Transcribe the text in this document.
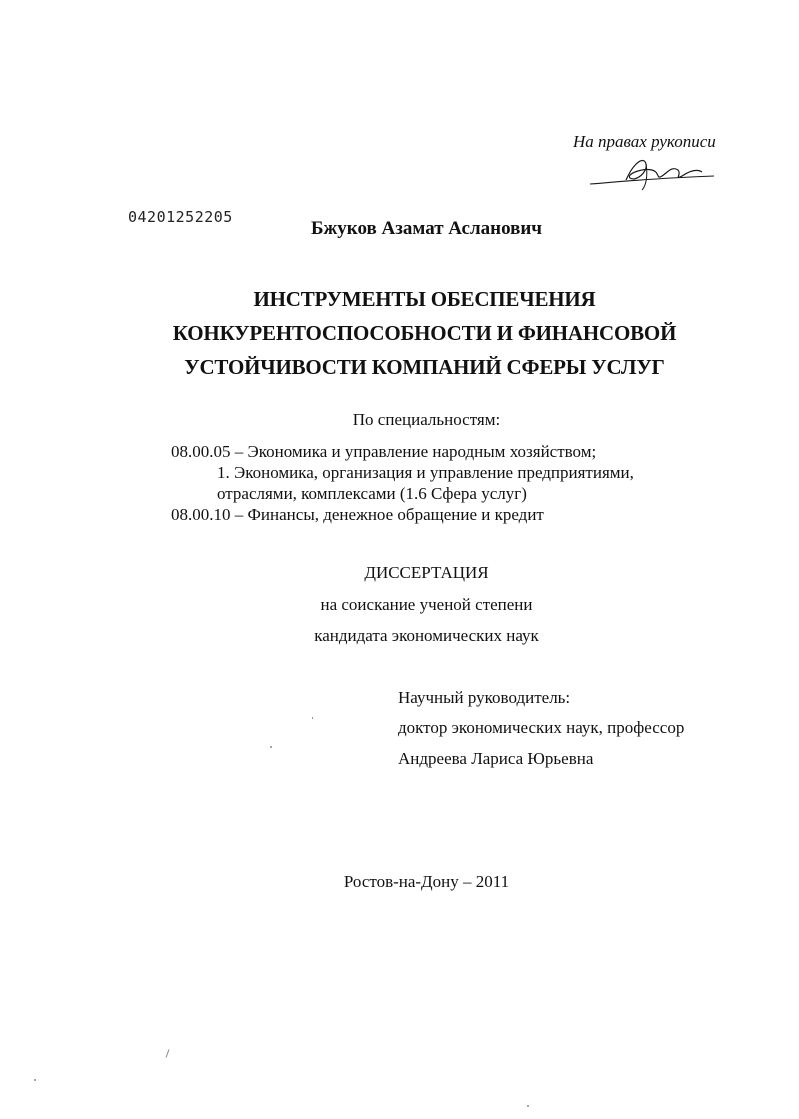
На правах рукописи
04201252205
Бжуков Азамат Асланович
ИНСТРУМЕНТЫ ОБЕСПЕЧЕНИЯ
КОНКУРЕНТОСПОСОБНОСТИ И ФИНАНСОВОЙ
УСТОЙЧИВОСТИ КОМПАНИЙ СФЕРЫ УСЛУГ
По специальностям:
08.00.05 – Экономика и управление народным хозяйством;
1. Экономика, организация и управление предприятиями,
отраслями, комплексами (1.6 Сфера услуг)
08.00.10 – Финансы, денежное обращение и кредит
ДИССЕРТАЦИЯ
на соискание ученой степени
кандидата экономических наук
Научный руководитель:
доктор экономических наук, профессор
Андреева Лариса Юрьевна
Ростов-на-Дону – 2011
